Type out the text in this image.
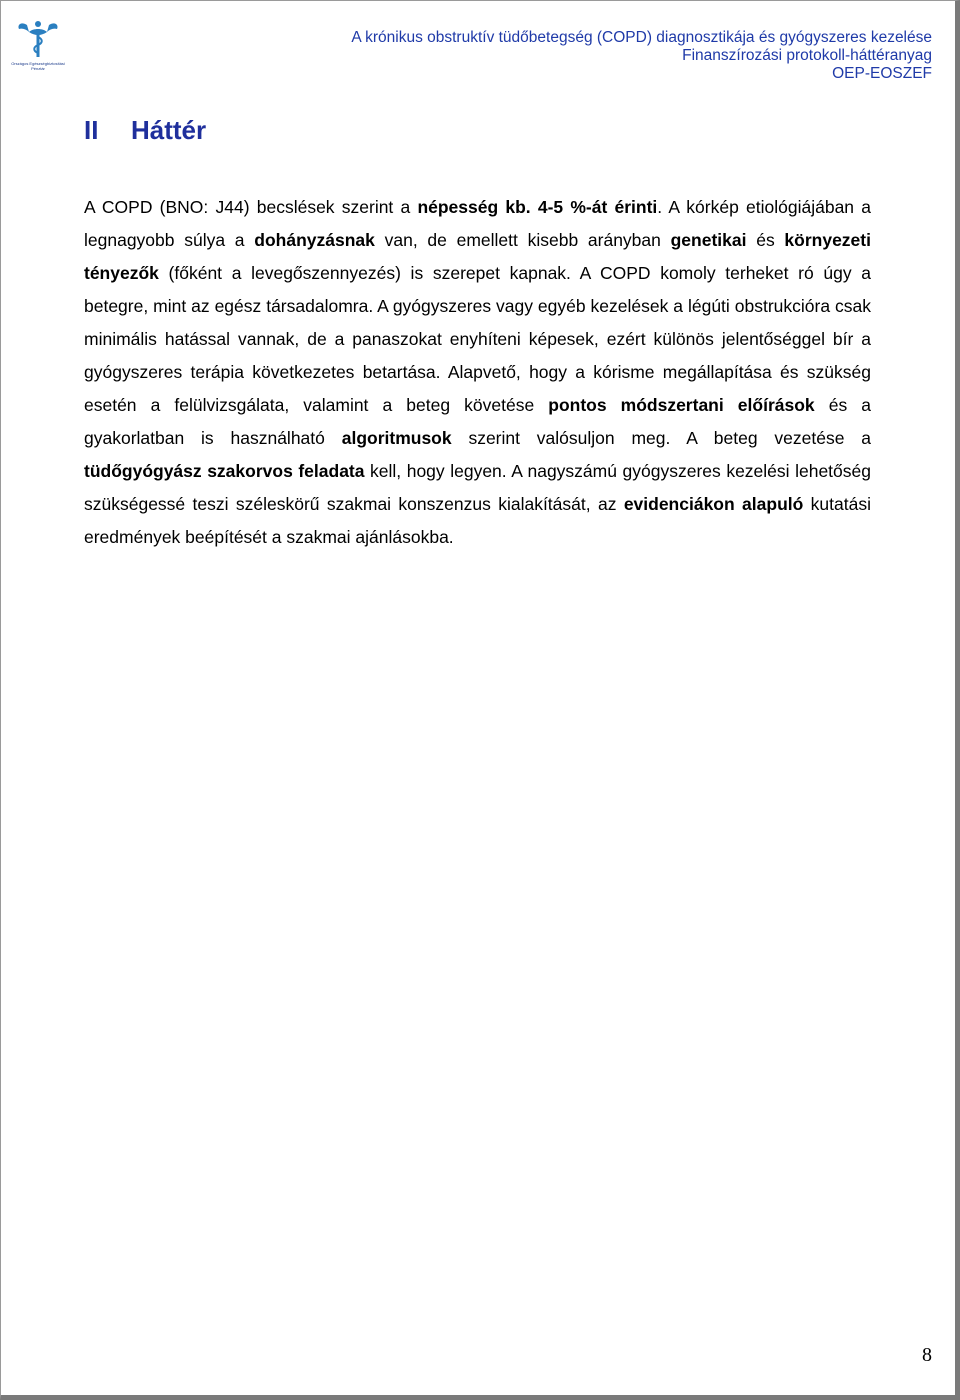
Országos Egészségbiztosítási
Pénztár
A krónikus obstruktív tüdőbetegség (COPD) diagnosztikája és gyógyszeres kezelése
Finanszírozási protokoll-háttéranyag
OEP-EOSZEF
II Háttér
A COPD (BNO: J44) becslések szerint a népesség kb. 4-5 %-át érinti. A kórkép etiológiájában a legnagyobb súlya a dohányzásnak van, de emellett kisebb arányban genetikai és környezeti tényezők (főként a levegőszennyezés) is szerepet kapnak. A COPD komoly terheket ró úgy a betegre, mint az egész társadalomra. A gyógyszeres vagy egyéb kezelések a légúti obstrukcióra csak minimális hatással vannak, de a panaszokat enyhíteni képesek, ezért különös jelentőséggel bír a gyógyszeres terápia következetes betartása. Alapvető, hogy a kórisme megállapítása és szükség esetén a felülvizsgálata, valamint a beteg követése pontos módszertani előírások és a gyakorlatban is használható algoritmusok szerint valósuljon meg. A beteg vezetése a tüdőgyógyász szakorvos feladata kell, hogy legyen. A nagyszámú gyógyszeres kezelési lehetőség szükségessé teszi széleskörű szakmai konszenzus kialakítását, az evidenciákon alapuló kutatási eredmények beépítését a szakmai ajánlásokba.
8
